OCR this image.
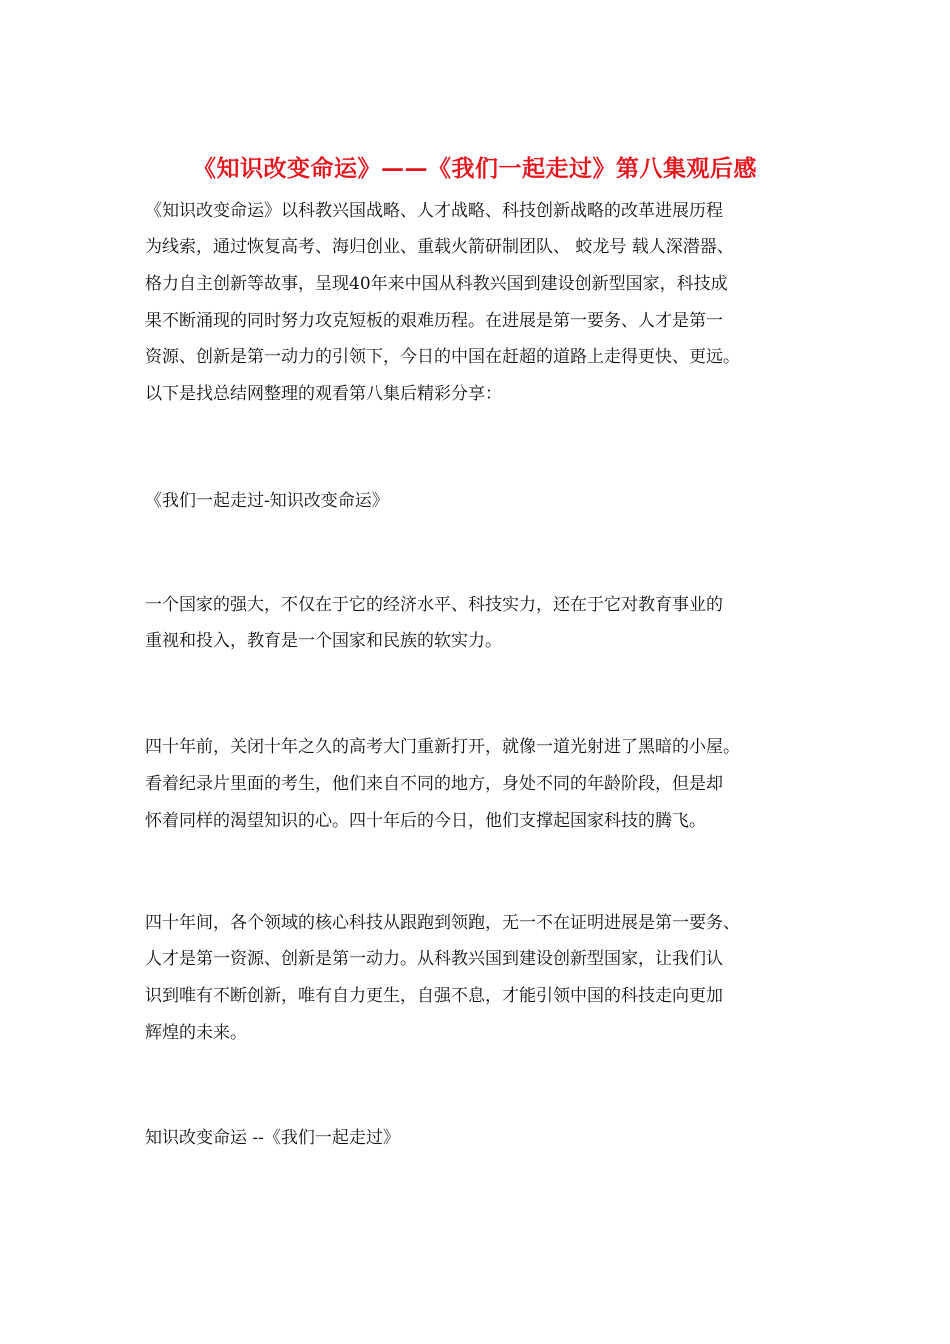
《知识改变命运》——《我们一起走过》第八集观后感
《知识改变命运》以科教兴国战略、人才战略、科技创新战略的改革进展历程
为线索，通过恢复高考、海归创业、重载火箭研制团队、 蛟龙号 载人深潜器、
格力自主创新等故事，呈现40年来中国从科教兴国到建设创新型国家，科技成
果不断涌现的同时努力攻克短板的艰难历程。在进展是第一要务、人才是第一
资源、创新是第一动力的引领下，今日的中国在赶超的道路上走得更快、更远。
以下是找总结网整理的观看第八集后精彩分享：
《我们一起走过-知识改变命运》
一个国家的强大，不仅在于它的经济水平、科技实力，还在于它对教育事业的
重视和投入，教育是一个国家和民族的软实力。
四十年前，关闭十年之久的高考大门重新打开，就像一道光射进了黑暗的小屋。
看着纪录片里面的考生，他们来自不同的地方，身处不同的年龄阶段，但是却
怀着同样的渴望知识的心。四十年后的今日，他们支撑起国家科技的腾飞。
四十年间，各个领域的核心科技从跟跑到领跑，无一不在证明进展是第一要务、
人才是第一资源、创新是第一动力。从科教兴国到建设创新型国家，让我们认
识到唯有不断创新，唯有自力更生，自强不息，才能引领中国的科技走向更加
辉煌的未来。
知识改变命运 --《我们一起走过》
